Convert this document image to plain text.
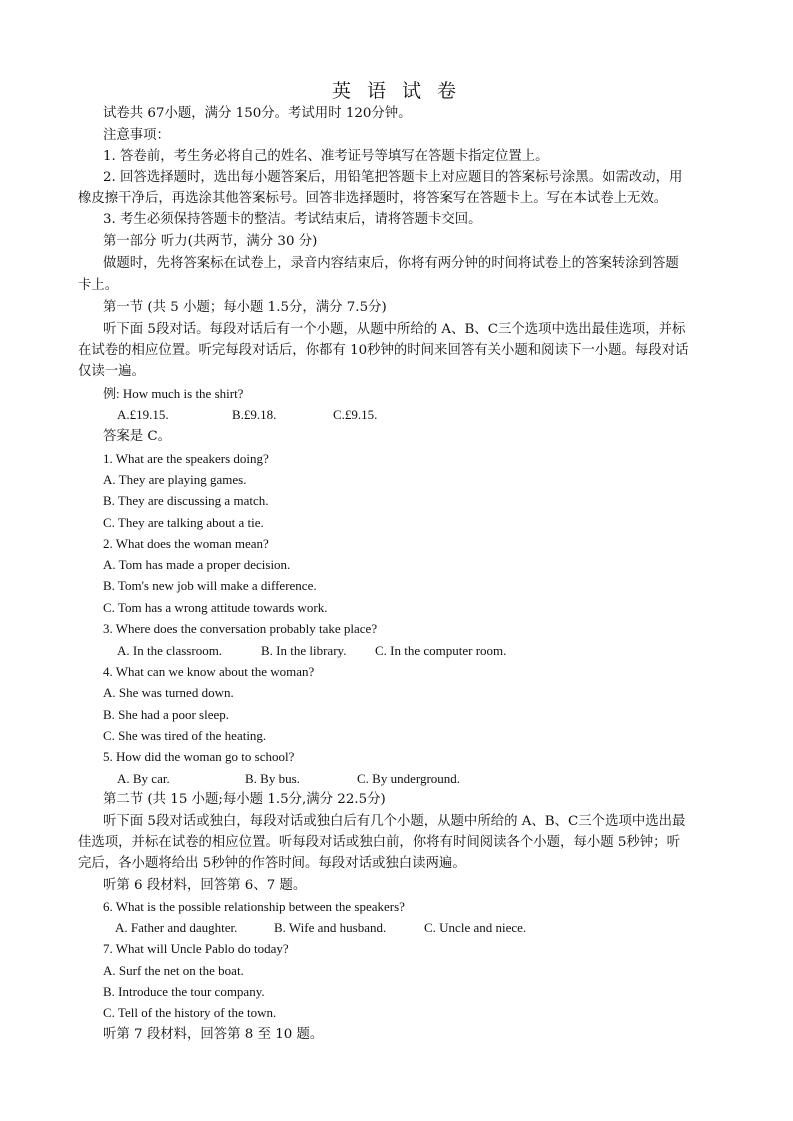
英 语 试 卷
试卷共 67小题，满分 150分。考试用时 120分钟。
注意事项：
1. 答卷前，考生务必将自己的姓名、准考证号等填写在答题卡指定位置上。
2. 回答选择题时，选出每小题答案后，用铅笔把答题卡上对应题目的答案标号涂黑。如需改动，用
橡皮擦干净后，再选涂其他答案标号。回答非选择题时，将答案写在答题卡上。写在本试卷上无效。
3. 考生必须保持答题卡的整洁。考试结束后，请将答题卡交回。
第一部分 听力(共两节，满分 30 分)
做题时，先将答案标在试卷上，录音内容结束后，你将有两分钟的时间将试卷上的答案转涂到答题
卡上。
第一节 (共 5 小题；每小题 1.5分，满分 7.5分)
听下面 5段对话。每段对话后有一个小题，从题中所给的 A、B、C三个选项中选出最佳选项，并标
在试卷的相应位置。听完每段对话后，你都有 10秒钟的时间来回答有关小题和阅读下一小题。每段对话
仅读一遍。
例: How much is the shirt?
A.£19.15.	B.£9.18.	C.£9.15.
答案是 C。
1. What are the speakers doing?
A. They are playing games.
B. They are discussing a match.
C. They are talking about a tie.
2. What does the woman mean?
A. Tom has made a proper decision.
B. Tom's new job will make a difference.
C. Tom has a wrong attitude towards work.
3. Where does the conversation probably take place?
A. In the classroom.	B. In the library. C. In the computer room.
4. What can we know about the woman?
A. She was turned down.
B. She had a poor sleep.
C. She was tired of the heating.
5. How did the woman go to school?
A. By car.	B. By bus.	C. By underground.
第二节 (共 15 小题;每小题 1.5分,满分 22.5分)
听下面 5段对话或独白，每段对话或独白后有几个小题，从题中所给的 A、B、C三个选项中选出最
佳选项，并标在试卷的相应位置。听每段对话或独白前，你将有时间阅读各个小题，每小题 5秒钟；听
完后，各小题将给出 5秒钟的作答时间。每段对话或独白读两遍。
听第 6 段材料，回答第 6、7 题。
6. What is the possible relationship between the speakers?
A. Father and daughter.	B. Wife and husband.	C. Uncle and niece.
7. What will Uncle Pablo do today?
A. Surf the net on the boat.
B. Introduce the tour company.
C. Tell of the history of the town.
听第 7 段材料，回答第 8 至 10 题。
